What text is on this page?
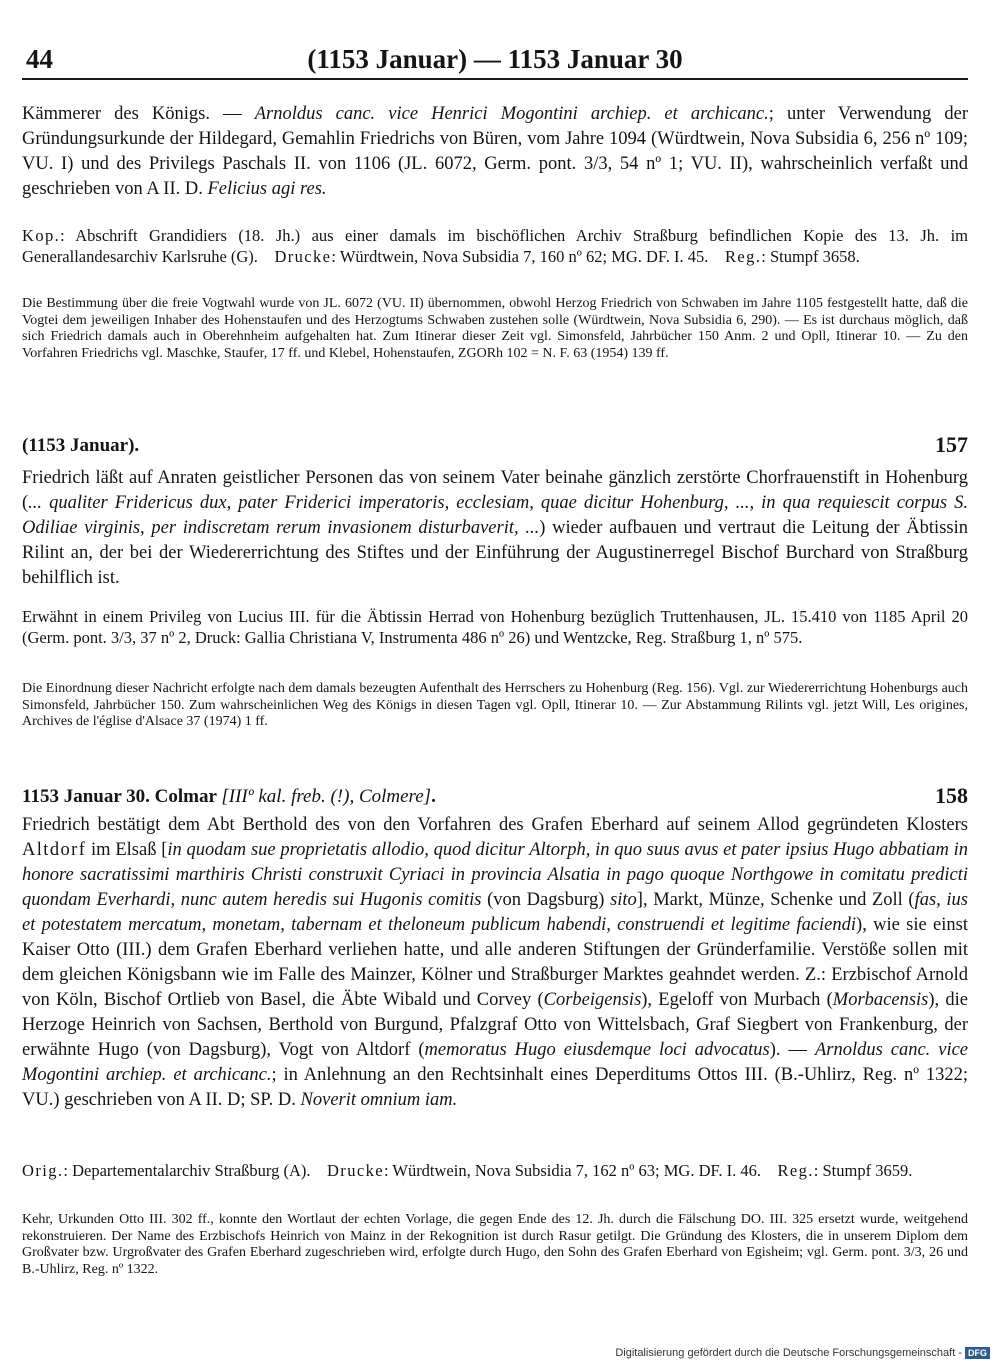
44	(1153 Januar) — 1153 Januar 30
Kämmerer des Königs. — Arnoldus canc. vice Henrici Mogontini archiep. et archicanc.; unter Verwendung der Gründungsurkunde der Hildegard, Gemahlin Friedrichs von Büren, vom Jahre 1094 (Würdtwein, Nova Subsidia 6, 256 nº 109; VU. I) und des Privilegs Paschals II. von 1106 (JL. 6072, Germ. pont. 3/3, 54 nº 1; VU. II), wahrscheinlich verfaßt und geschrieben von A II. D. Felicius agi res.
Kop.: Abschrift Grandidiers (18. Jh.) aus einer damals im bischöflichen Archiv Straßburg befindlichen Kopie des 13. Jh. im Generallandesarchiv Karlsruhe (G). Drucke: Würdtwein, Nova Subsidia 7, 160 nº 62; MG. DF. I. 45. Reg.: Stumpf 3658.
Die Bestimmung über die freie Vogtwahl wurde von JL. 6072 (VU. II) übernommen, obwohl Herzog Friedrich von Schwaben im Jahre 1105 festgestellt hatte, daß die Vogtei dem jeweiligen Inhaber des Hohenstaufen und des Herzogtums Schwaben zustehen solle (Würdtwein, Nova Subsidia 6, 290). — Es ist durchaus möglich, daß sich Friedrich damals auch in Oberehnheim aufgehalten hat. Zum Itinerar dieser Zeit vgl. Simonsfeld, Jahrbücher 150 Anm. 2 und Opll, Itinerar 10. — Zu den Vorfahren Friedrichs vgl. Maschke, Staufer, 17 ff. und Klebel, Hohenstaufen, ZGORh 102 = N. F. 63 (1954) 139 ff.
(1153 Januar).	157
Friedrich läßt auf Anraten geistlicher Personen das von seinem Vater beinahe gänzlich zerstörte Chorfrauenstift in Hohenburg (... qualiter Fridericus dux, pater Friderici imperatoris, ecclesiam, quae dicitur Hohenburg, ..., in qua requiescit corpus S. Odiliae virginis, per indiscretam rerum invasionem disturbaverit, ...) wieder aufbauen und vertraut die Leitung der Äbtissin Rilint an, der bei der Wiedererrichtung des Stiftes und der Einführung der Augustinerregel Bischof Burchard von Straßburg behilflich ist.
Erwähnt in einem Privileg von Lucius III. für die Äbtissin Herrad von Hohenburg bezüglich Truttenhausen, JL. 15.410 von 1185 April 20 (Germ. pont. 3/3, 37 nº 2, Druck: Gallia Christiana V, Instrumenta 486 nº 26) und Wentzcke, Reg. Straßburg 1, nº 575.
Die Einordnung dieser Nachricht erfolgte nach dem damals bezeugten Aufenthalt des Herrschers zu Hohenburg (Reg. 156). Vgl. zur Wiedererrichtung Hohenburgs auch Simonsfeld, Jahrbücher 150. Zum wahrscheinlichen Weg des Königs in diesen Tagen vgl. Opll, Itinerar 10. — Zur Abstammung Rilints vgl. jetzt Will, Les origines, Archives de l'église d'Alsace 37 (1974) 1 ff.
1153 Januar 30. Colmar [IIIº kal. freb. (!), Colmere].	158
Friedrich bestätigt dem Abt Berthold des von den Vorfahren des Grafen Eberhard auf seinem Allod gegründeten Klosters Altdorf im Elsaß [in quodam sue proprietatis allodio, quod dicitur Altorph, in quo suus avus et pater ipsius Hugo abbatiam in honore sacratissimi marthiris Christi construxit Cyriaci in provincia Alsatia in pago quoque Northgowe in comitatu predicti quondam Everhardi, nunc autem heredis sui Hugonis comitis (von Dagsburg) sito], Markt, Münze, Schenke und Zoll (fas, ius et potestatem mercatum, monetam, tabernam et theloneum publicum habendi, construendi et legitime faciendi), wie sie einst Kaiser Otto (III.) dem Grafen Eberhard verliehen hatte, und alle anderen Stiftungen der Gründerfamilie. Verstöße sollen mit dem gleichen Königsbann wie im Falle des Mainzer, Kölner und Straßburger Marktes geahndet werden. Z.: Erzbischof Arnold von Köln, Bischof Ortlieb von Basel, die Äbte Wibald und Corvey (Corbeigensis), Egeloff von Murbach (Morbacensis), die Herzoge Heinrich von Sachsen, Berthold von Burgund, Pfalzgraf Otto von Wittelsbach, Graf Siegbert von Frankenburg, der erwähnte Hugo (von Dagsburg), Vogt von Altdorf (memoratus Hugo eiusdemque loci advocatus). — Arnoldus canc. vice Mogontini archiep. et archicanc.; in Anlehnung an den Rechtsinhalt eines Deperditums Ottos III. (B.-Uhlirz, Reg. nº 1322; VU.) geschrieben von A II. D; SP. D. Noverit omnium iam.
Orig.: Departementalarchiv Straßburg (A). Drucke: Würdtwein, Nova Subsidia 7, 162 nº 63; MG. DF. I. 46. Reg.: Stumpf 3659.
Kehr, Urkunden Otto III. 302 ff., konnte den Wortlaut der echten Vorlage, die gegen Ende des 12. Jh. durch die Fälschung DO. III. 325 ersetzt wurde, weitgehend rekonstruieren. Der Name des Erzbischofs Heinrich von Mainz in der Rekognition ist durch Rasur getilgt. Die Gründung des Klosters, die in unserem Diplom dem Großvater bzw. Urgroßvater des Grafen Eberhard zugeschrieben wird, erfolgte durch Hugo, den Sohn des Grafen Eberhard von Egisheim; vgl. Germ. pont. 3/3, 26 und B.-Uhlirz, Reg. nº 1322.
Digitalisierung gefördert durch die Deutsche Forschungsgemeinschaft - DFG
